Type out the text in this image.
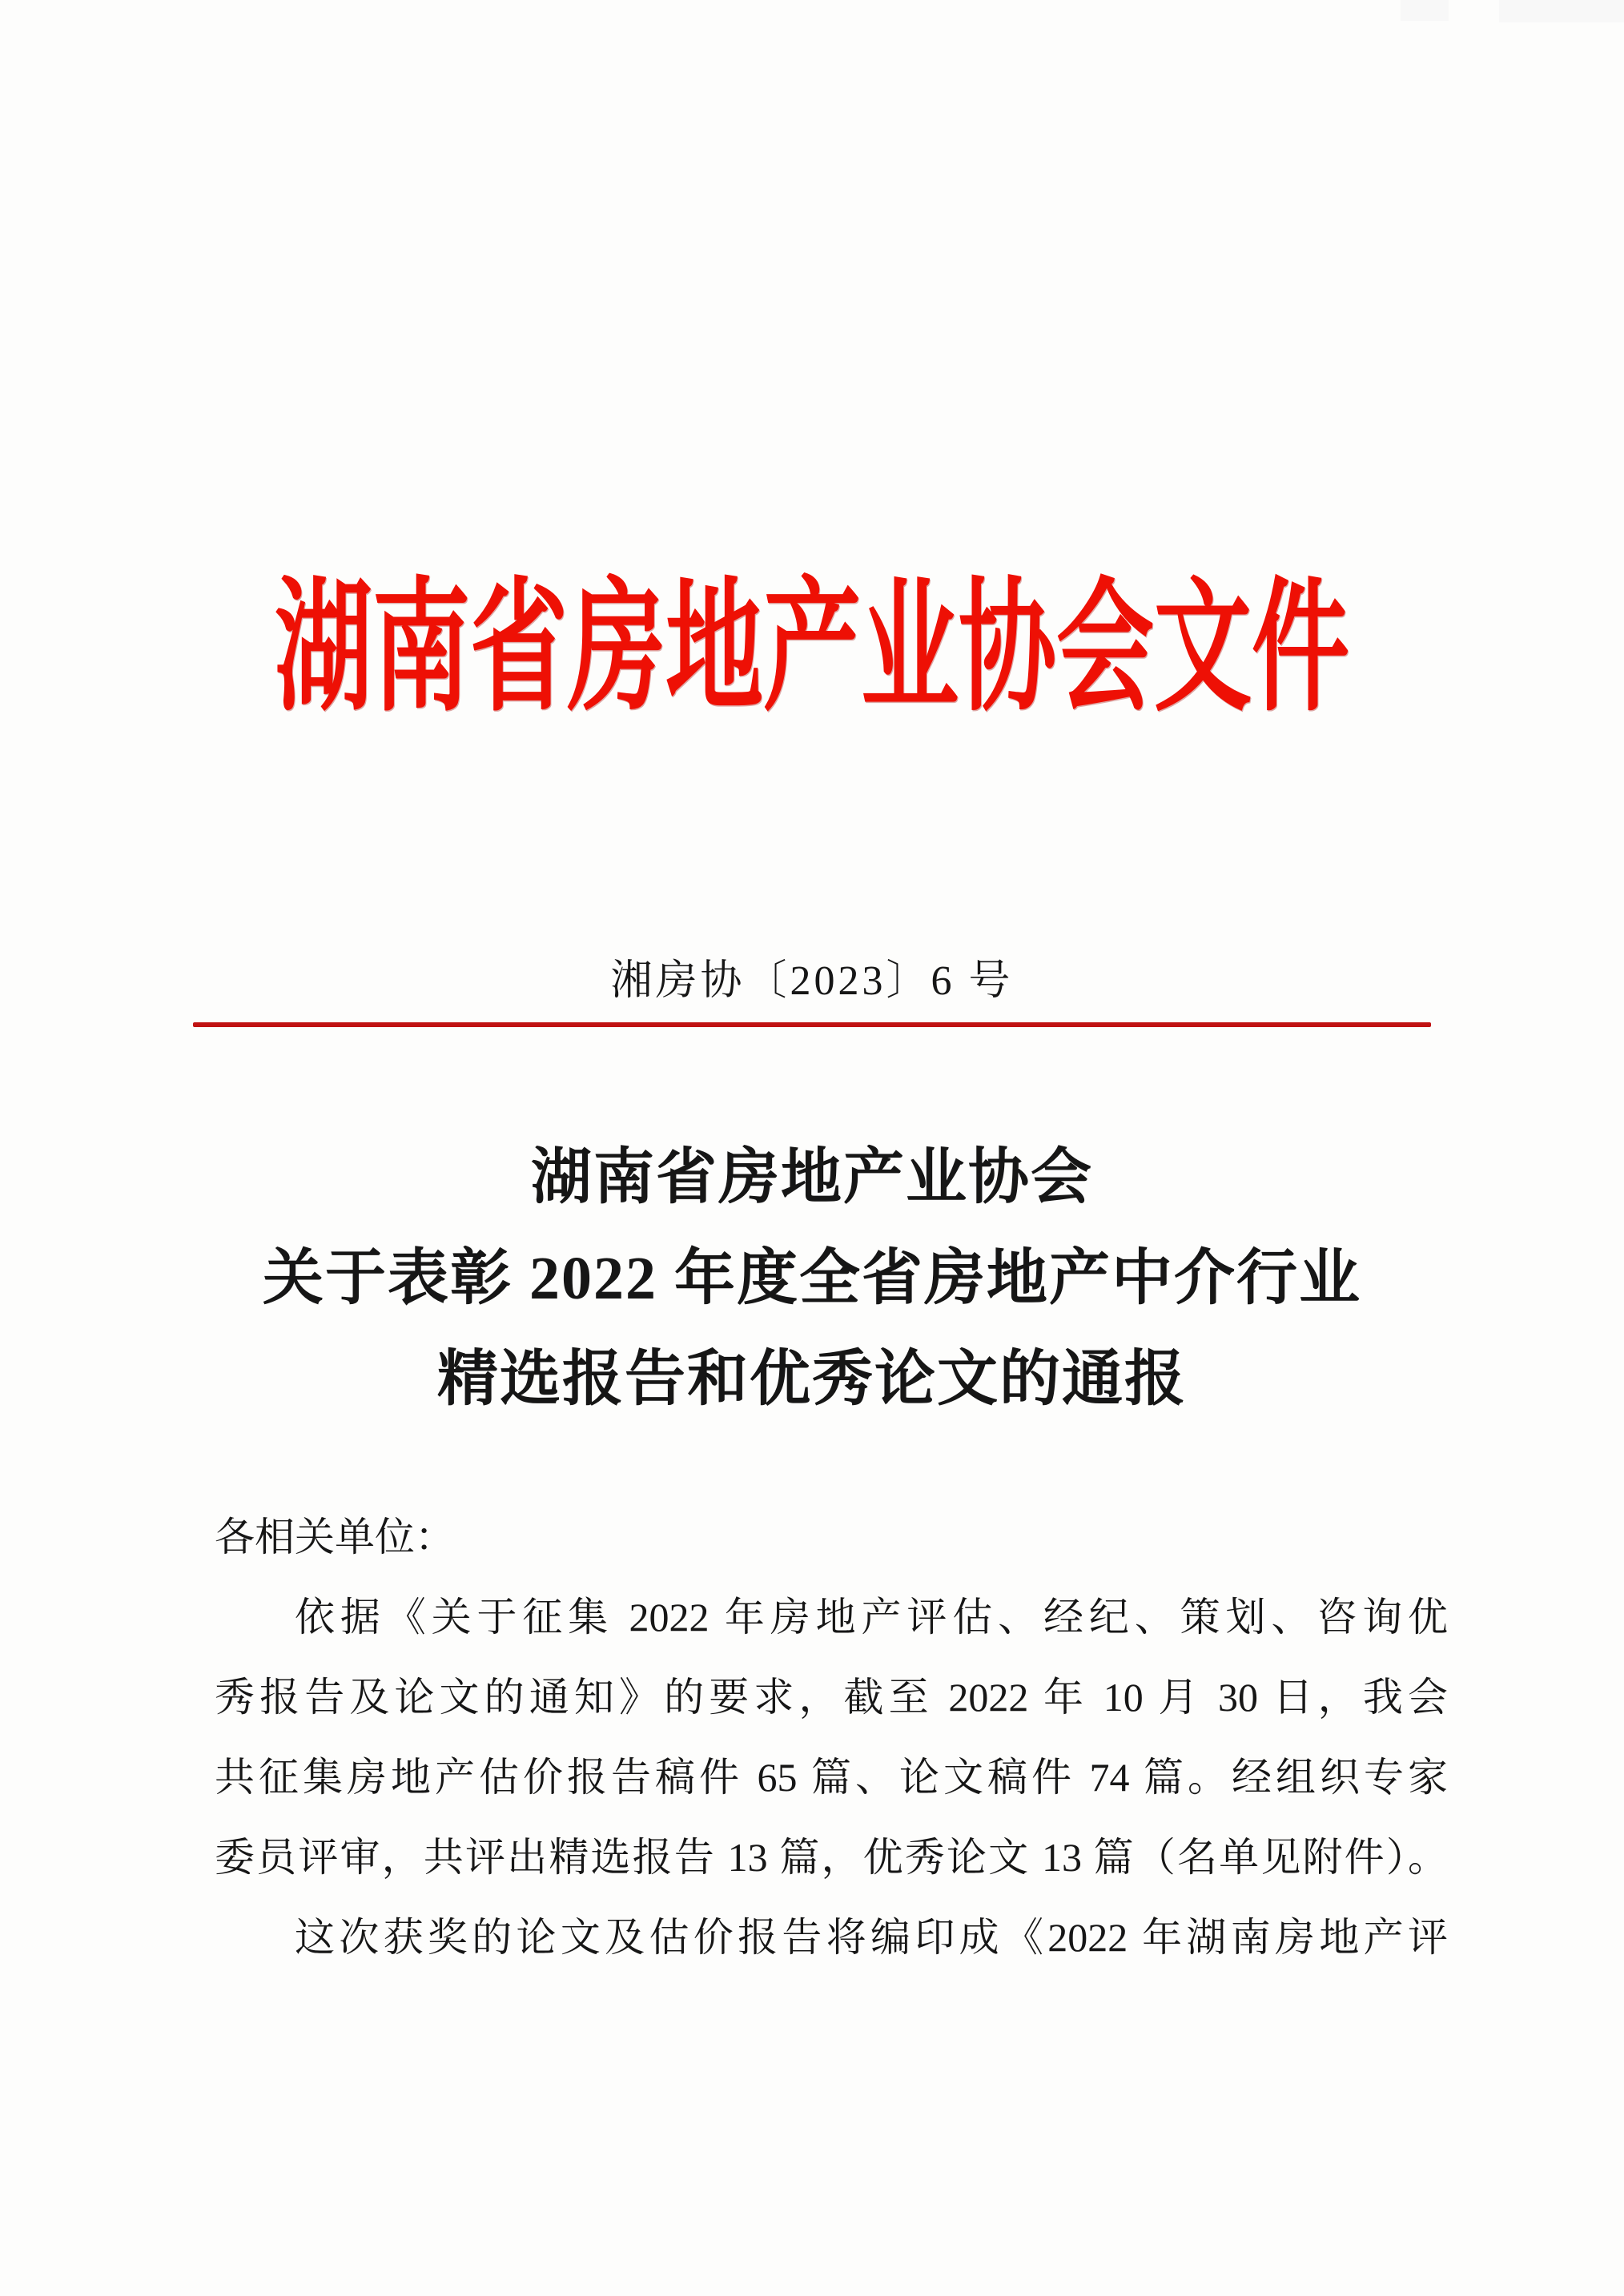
湖南省房地产业协会文件
湘房协〔2023〕6 号
湖南省房地产业协会
关于表彰 2022 年度全省房地产中介行业
精选报告和优秀论文的通报
各相关单位：
依据《关于征集 2022 年房地产评估、经纪、策划、咨询优
秀报告及论文的通知》的要求，截至 2022 年 10 月 30 日，我会
共征集房地产估价报告稿件 65 篇、论文稿件 74 篇。经组织专家
委员评审，共评出精选报告 13 篇，优秀论文 13 篇（名单见附件）。
这次获奖的论文及估价报告将编印成《2022 年湖南房地产评
